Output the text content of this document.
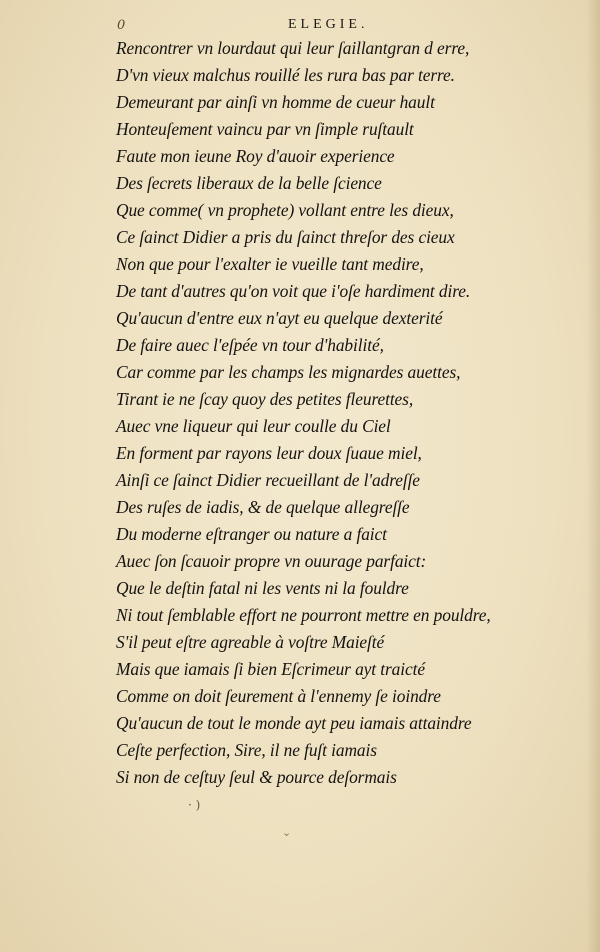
0	ELEGIE.
Rencontrer vn lourdaut qui leur ſaillantgran d erre,
D'vn vieux malchus rouillé les rura bas par terre.
Demeurant par ainſi vn homme de cueur hault
Honteuſement vaincu par vn ſimple ruſtault
Faute mon ieune Roy d'auoir experience
Des ſecrets liberaux de la belle ſcience
Que comme( vn prophete) vollant entre les dieux,
Ce ſainct Didier a pris du ſainct threſor des cieux
Non que pour l'exalter ie vueille tant medire,
De tant d'autres qu'on voit que i'oſe hardiment dire.
Qu'aucun d'entre eux n'ayt eu quelque dexterité
De faire auec l'eſpée vn tour d'habilité,
Car comme par les champs les mignardes auettes,
Tirant ie ne ſcay quoy des petites fleurettes,
Auec vne liqueur qui leur coulle du Ciel
En forment par rayons leur doux ſuaue miel,
Ainſi ce ſainct Didier recueillant de l'adreſſe
Des ruſes de iadis, & de quelque allegreſſe
Du moderne eſtranger ou nature a faict
Auec ſon ſcauoir propre vn ouurage parfaict:
Que le deſtin fatal ni les vents ni la fouldre
Ni tout ſemblable effort ne pourront mettre en pouldre,
S'il peut eſtre agreable à voſtre Maieſté
Mais que iamais ſi bien Eſcrimeur ayt traicté
Comme on doit ſeurement à l'ennemy ſe ioindre
Qu'aucun de tout le monde ayt peu iamais attaindre
Ceſte perfection, Sire, il ne fuſt iamais
Si non de ceſtuy ſeul & pource deſormais
· )
⌄
